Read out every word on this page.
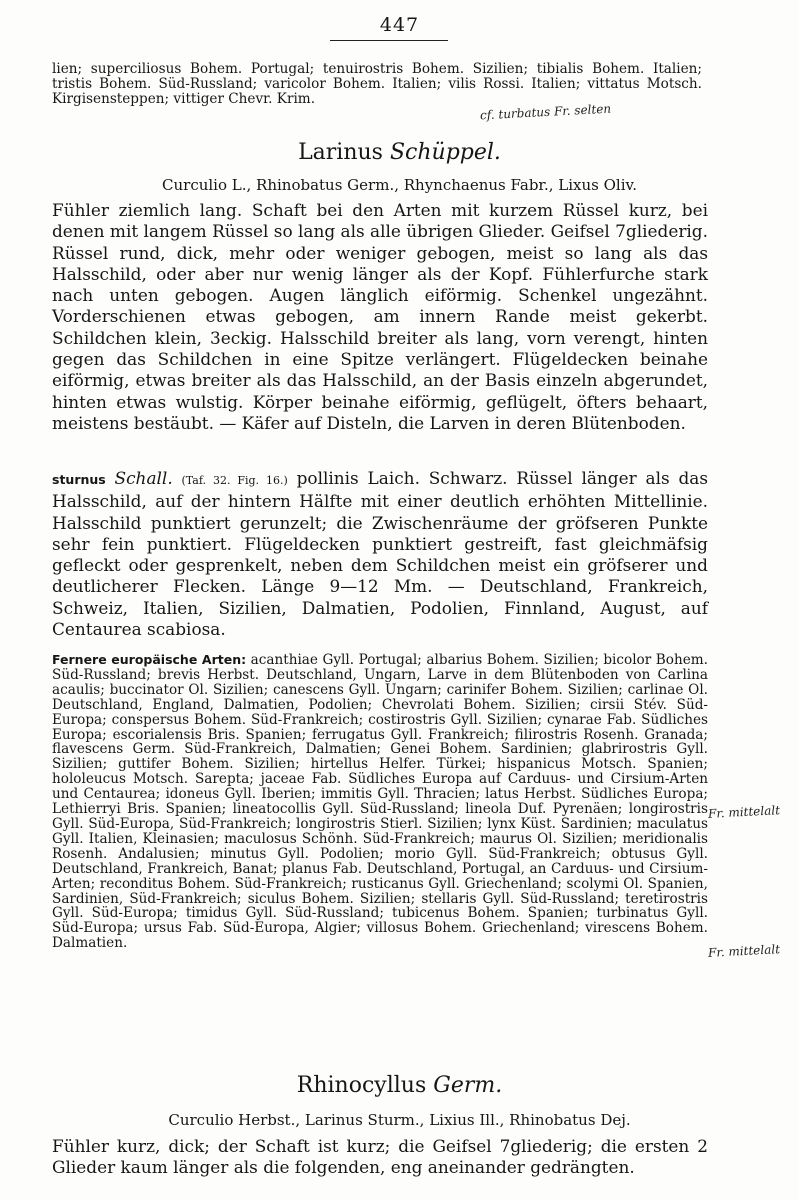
447

lien; superciliosus Bohem. Portugal; tenuirostris Bohem. Sizilien; tibialis Bohem. Italien; tristis Bohem. Süd-Russland; varicolor Bohem. Italien; vilis Rossi. Italien; vittatus Motsch. Kirgisensteppen; vittiger Chevr. Krim.

cf. turbatus Fr. selten
Larinus Schüppel.

Curculio L., Rhinobatus Germ., Rhynchaenus Fabr., Lixus Oliv.

Fühler ziemlich lang. Schaft bei den Arten mit kurzem Rüssel kurz, bei denen mit langem Rüssel so lang als alle übrigen Glieder. Geifsel 7gliederig. Rüssel rund, dick, mehr oder weniger gebogen, meist so lang als das Halsschild, oder aber nur wenig länger als der Kopf. Fühlerfurche stark nach unten gebogen. Augen länglich eiförmig. Schenkel ungezähnt. Vorderschienen etwas gebogen, am innern Rande meist gekerbt. Schildchen klein, 3eckig. Halsschild breiter als lang, vorn verengt, hinten gegen das Schildchen in eine Spitze verlängert. Flügeldecken beinahe eiförmig, etwas breiter als das Halsschild, an der Basis einzeln abgerundet, hinten etwas wulstig. Körper beinahe eiförmig, geflügelt, öfters behaart, meistens bestäubt. — Käfer auf Disteln, die Larven in deren Blütenboden.

sturnus Schall. (Taf. 32. Fig. 16.) pollinis Laich. Schwarz. Rüssel länger als das Halsschild, auf der hintern Hälfte mit einer deutlich erhöhten Mittellinie. Halsschild punktiert gerunzelt; die Zwischenräume der gröfseren Punkte sehr fein punktiert. Flügeldecken punktiert gestreift, fast gleichmäfsig gefleckt oder gesprenkelt, neben dem Schildchen meist ein gröfserer und deutlicherer Flecken. Länge 9—12 Mm. — Deutschland, Frankreich, Schweiz, Italien, Sizilien, Dalmatien, Podolien, Finnland, August, auf Centaurea scabiosa.

Fernere europäische Arten: acanthiae Gyll. Portugal; albarius Bohem. Sizilien; bicolor Bohem. Süd-Russland; brevis Herbst. Deutschland, Ungarn, Larve in dem Blütenboden von Carlina acaulis; buccinator Ol. Sizilien; canescens Gyll. Ungarn; carinifer Bohem. Sizilien; carlinae Ol. Deutschland, England, Dalmatien, Podolien; Chevrolati Bohem. Sizilien; cirsii Stév. Süd-Europa; conspersus Bohem. Süd-Frankreich; costirostris Gyll. Sizilien; cynarae Fab. Südliches Europa; escorialensis Bris. Spanien; ferrugatus Gyll. Frankreich; filirostris Rosenh. Granada; flavescens Germ. Süd-Frankreich, Dalmatien; Genei Bohem. Sardinien; glabrirostris Gyll. Sizilien; guttifer Bohem. Sizilien; hirtellus Helfer. Türkei; hispanicus Motsch. Spanien; hololeucus Motsch. Sarepta; jaceae Fab. Südliches Europa auf Carduus- und Cirsium-Arten und Centaurea; idoneus Gyll. Iberien; immitis Gyll. Thracien; latus Herbst. Südliches Europa; Lethierryi Bris. Spanien; lineatocollis Gyll. Süd-Russland; lineola Duf. Pyrenäen; longirostris Gyll. Süd-Europa, Süd-Frankreich; longirostris Stierl. Sizilien; lynx Küst. Sardinien; maculatus Gyll. Italien, Kleinasien; maculosus Schönh. Süd-Frankreich; maurus Ol. Sizilien; meridionalis Rosenh. Andalusien; minutus Gyll. Podolien; morio Gyll. Süd-Frankreich; obtusus Gyll. Deutschland, Frankreich, Banat; planus Fab. Deutschland, Portugal, an Carduus- und Cirsium-Arten; reconditus Bohem. Süd-Frankreich; rusticanus Gyll. Griechenland; scolymi Ol. Spanien, Sardinien, Süd-Frankreich; siculus Bohem. Sizilien; stellaris Gyll. Süd-Russland; teretirostris Gyll. Süd-Europa; timidus Gyll. Süd-Russland; tubicenus Bohem. Spanien; turbinatus Gyll. Süd-Europa; ursus Fab. Süd-Europa, Algier; villosus Bohem. Griechenland; virescens Bohem. Dalmatien.

Fr. mittelalt
Fr. mittelalt
Rhinocyllus Germ.

Curculio Herbst., Larinus Sturm., Lixius Ill., Rhinobatus Dej.

Fühler kurz, dick; der Schaft ist kurz; die Geifsel 7gliederig; die ersten 2 Glieder kaum länger als die folgenden, eng aneinander gedrängten.
